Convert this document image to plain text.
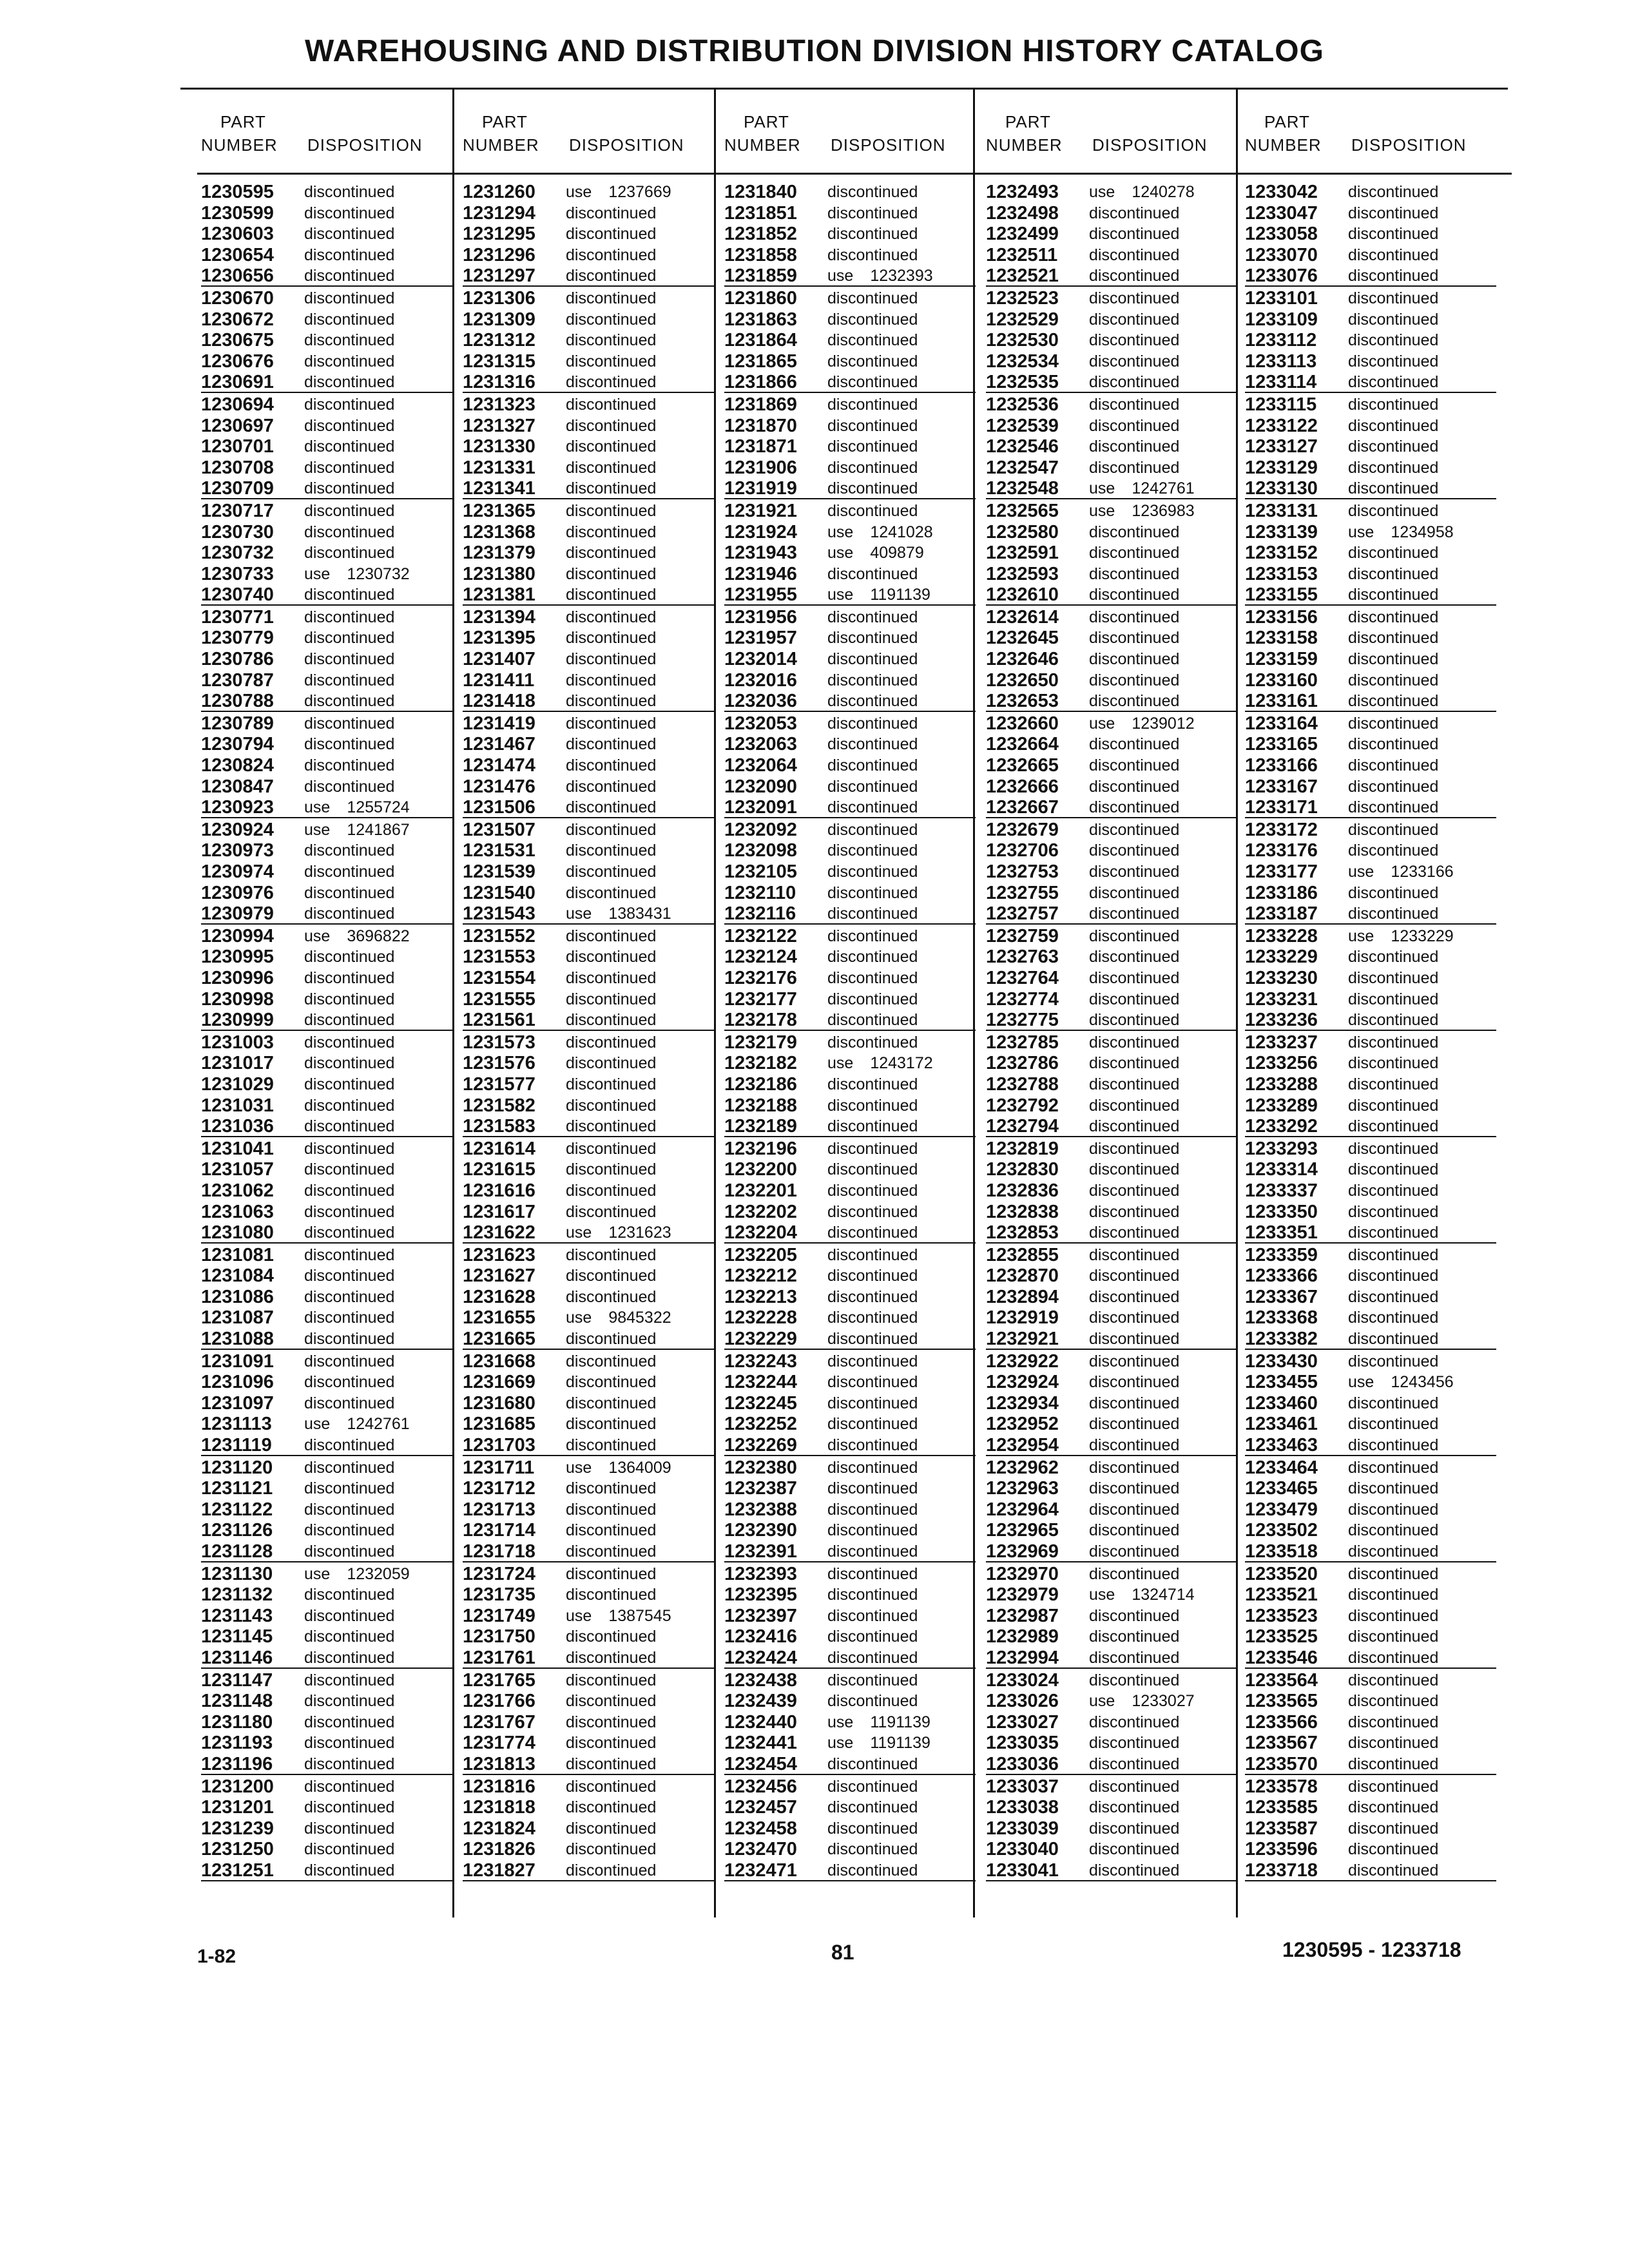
WAREHOUSING AND DISTRIBUTION DIVISION HISTORY CATALOG
PART
NUMBER DISPOSITION
1230595 discontinued
1230599 discontinued
1230603 discontinued
1230654 discontinued
1230656 discontinued
1230670 discontinued
1230672 discontinued
1230675 discontinued
1230676 discontinued
1230691 discontinued
1230694 discontinued
1230697 discontinued
1230701 discontinued
1230708 discontinued
1230709 discontinued
1230717 discontinued
1230730 discontinued
1230732 discontinued
1230733 use 1230732
1230740 discontinued
1230771 discontinued
1230779 discontinued
1230786 discontinued
1230787 discontinued
1230788 discontinued
1230789 discontinued
1230794 discontinued
1230824 discontinued
1230847 discontinued
1230923 use 1255724
1230924 use 1241867
1230973 discontinued
1230974 discontinued
1230976 discontinued
1230979 discontinued
1230994 use 3696822
1230995 discontinued
1230996 discontinued
1230998 discontinued
1230999 discontinued
1231003 discontinued
1231017 discontinued
1231029 discontinued
1231031 discontinued
1231036 discontinued
1231041 discontinued
1231057 discontinued
1231062 discontinued
1231063 discontinued
1231080 discontinued
1231081 discontinued
1231084 discontinued
1231086 discontinued
1231087 discontinued
1231088 discontinued
1231091 discontinued
1231096 discontinued
1231097 discontinued
1231113 use 1242761
1231119 discontinued
1231120 discontinued
1231121 discontinued
1231122 discontinued
1231126 discontinued
1231128 discontinued
1231130 use 1232059
1231132 discontinued
1231143 discontinued
1231145 discontinued
1231146 discontinued
1231147 discontinued
1231148 discontinued
1231180 discontinued
1231193 discontinued
1231196 discontinued
1231200 discontinued
1231201 discontinued
1231239 discontinued
1231250 discontinued
1231251 discontinued
PART
NUMBER DISPOSITION
1231260 use 1237669
1231294 discontinued
1231295 discontinued
1231296 discontinued
1231297 discontinued
1231306 discontinued
1231309 discontinued
1231312 discontinued
1231315 discontinued
1231316 discontinued
1231323 discontinued
1231327 discontinued
1231330 discontinued
1231331 discontinued
1231341 discontinued
1231365 discontinued
1231368 discontinued
1231379 discontinued
1231380 discontinued
1231381 discontinued
1231394 discontinued
1231395 discontinued
1231407 discontinued
1231411 discontinued
1231418 discontinued
1231419 discontinued
1231467 discontinued
1231474 discontinued
1231476 discontinued
1231506 discontinued
1231507 discontinued
1231531 discontinued
1231539 discontinued
1231540 discontinued
1231543 use 1383431
1231552 discontinued
1231553 discontinued
1231554 discontinued
1231555 discontinued
1231561 discontinued
1231573 discontinued
1231576 discontinued
1231577 discontinued
1231582 discontinued
1231583 discontinued
1231614 discontinued
1231615 discontinued
1231616 discontinued
1231617 discontinued
1231622 use 1231623
1231623 discontinued
1231627 discontinued
1231628 discontinued
1231655 use 9845322
1231665 discontinued
1231668 discontinued
1231669 discontinued
1231680 discontinued
1231685 discontinued
1231703 discontinued
1231711 use 1364009
1231712 discontinued
1231713 discontinued
1231714 discontinued
1231718 discontinued
1231724 discontinued
1231735 discontinued
1231749 use 1387545
1231750 discontinued
1231761 discontinued
1231765 discontinued
1231766 discontinued
1231767 discontinued
1231774 discontinued
1231813 discontinued
1231816 discontinued
1231818 discontinued
1231824 discontinued
1231826 discontinued
1231827 discontinued
PART
NUMBER DISPOSITION
1231840 discontinued
1231851 discontinued
1231852 discontinued
1231858 discontinued
1231859 use 1232393
1231860 discontinued
1231863 discontinued
1231864 discontinued
1231865 discontinued
1231866 discontinued
1231869 discontinued
1231870 discontinued
1231871 discontinued
1231906 discontinued
1231919 discontinued
1231921 discontinued
1231924 use 1241028
1231943 use 409879
1231946 discontinued
1231955 use 1191139
1231956 discontinued
1231957 discontinued
1232014 discontinued
1232016 discontinued
1232036 discontinued
1232053 discontinued
1232063 discontinued
1232064 discontinued
1232090 discontinued
1232091 discontinued
1232092 discontinued
1232098 discontinued
1232105 discontinued
1232110 discontinued
1232116 discontinued
1232122 discontinued
1232124 discontinued
1232176 discontinued
1232177 discontinued
1232178 discontinued
1232179 discontinued
1232182 use 1243172
1232186 discontinued
1232188 discontinued
1232189 discontinued
1232196 discontinued
1232200 discontinued
1232201 discontinued
1232202 discontinued
1232204 discontinued
1232205 discontinued
1232212 discontinued
1232213 discontinued
1232228 discontinued
1232229 discontinued
1232243 discontinued
1232244 discontinued
1232245 discontinued
1232252 discontinued
1232269 discontinued
1232380 discontinued
1232387 discontinued
1232388 discontinued
1232390 discontinued
1232391 discontinued
1232393 discontinued
1232395 discontinued
1232397 discontinued
1232416 discontinued
1232424 discontinued
1232438 discontinued
1232439 discontinued
1232440 use 1191139
1232441 use 1191139
1232454 discontinued
1232456 discontinued
1232457 discontinued
1232458 discontinued
1232470 discontinued
1232471 discontinued
PART
NUMBER DISPOSITION
1232493 use 1240278
1232498 discontinued
1232499 discontinued
1232511 discontinued
1232521 discontinued
1232523 discontinued
1232529 discontinued
1232530 discontinued
1232534 discontinued
1232535 discontinued
1232536 discontinued
1232539 discontinued
1232546 discontinued
1232547 discontinued
1232548 use 1242761
1232565 use 1236983
1232580 discontinued
1232591 discontinued
1232593 discontinued
1232610 discontinued
1232614 discontinued
1232645 discontinued
1232646 discontinued
1232650 discontinued
1232653 discontinued
1232660 use 1239012
1232664 discontinued
1232665 discontinued
1232666 discontinued
1232667 discontinued
1232679 discontinued
1232706 discontinued
1232753 discontinued
1232755 discontinued
1232757 discontinued
1232759 discontinued
1232763 discontinued
1232764 discontinued
1232774 discontinued
1232775 discontinued
1232785 discontinued
1232786 discontinued
1232788 discontinued
1232792 discontinued
1232794 discontinued
1232819 discontinued
1232830 discontinued
1232836 discontinued
1232838 discontinued
1232853 discontinued
1232855 discontinued
1232870 discontinued
1232894 discontinued
1232919 discontinued
1232921 discontinued
1232922 discontinued
1232924 discontinued
1232934 discontinued
1232952 discontinued
1232954 discontinued
1232962 discontinued
1232963 discontinued
1232964 discontinued
1232965 discontinued
1232969 discontinued
1232970 discontinued
1232979 use 1324714
1232987 discontinued
1232989 discontinued
1232994 discontinued
1233024 discontinued
1233026 use 1233027
1233027 discontinued
1233035 discontinued
1233036 discontinued
1233037 discontinued
1233038 discontinued
1233039 discontinued
1233040 discontinued
1233041 discontinued
PART
NUMBER DISPOSITION
1233042 discontinued
1233047 discontinued
1233058 discontinued
1233070 discontinued
1233076 discontinued
1233101 discontinued
1233109 discontinued
1233112 discontinued
1233113 discontinued
1233114 discontinued
1233115 discontinued
1233122 discontinued
1233127 discontinued
1233129 discontinued
1233130 discontinued
1233131 discontinued
1233139 use 1234958
1233152 discontinued
1233153 discontinued
1233155 discontinued
1233156 discontinued
1233158 discontinued
1233159 discontinued
1233160 discontinued
1233161 discontinued
1233164 discontinued
1233165 discontinued
1233166 discontinued
1233167 discontinued
1233171 discontinued
1233172 discontinued
1233176 discontinued
1233177 use 1233166
1233186 discontinued
1233187 discontinued
1233228 use 1233229
1233229 discontinued
1233230 discontinued
1233231 discontinued
1233236 discontinued
1233237 discontinued
1233256 discontinued
1233288 discontinued
1233289 discontinued
1233292 discontinued
1233293 discontinued
1233314 discontinued
1233337 discontinued
1233350 discontinued
1233351 discontinued
1233359 discontinued
1233366 discontinued
1233367 discontinued
1233368 discontinued
1233382 discontinued
1233430 discontinued
1233455 use 1243456
1233460 discontinued
1233461 discontinued
1233463 discontinued
1233464 discontinued
1233465 discontinued
1233479 discontinued
1233502 discontinued
1233518 discontinued
1233520 discontinued
1233521 discontinued
1233523 discontinued
1233525 discontinued
1233546 discontinued
1233564 discontinued
1233565 discontinued
1233566 discontinued
1233567 discontinued
1233570 discontinued
1233578 discontinued
1233585 discontinued
1233587 discontinued
1233596 discontinued
1233718 discontinued
1-82	81	1230595 - 1233718
